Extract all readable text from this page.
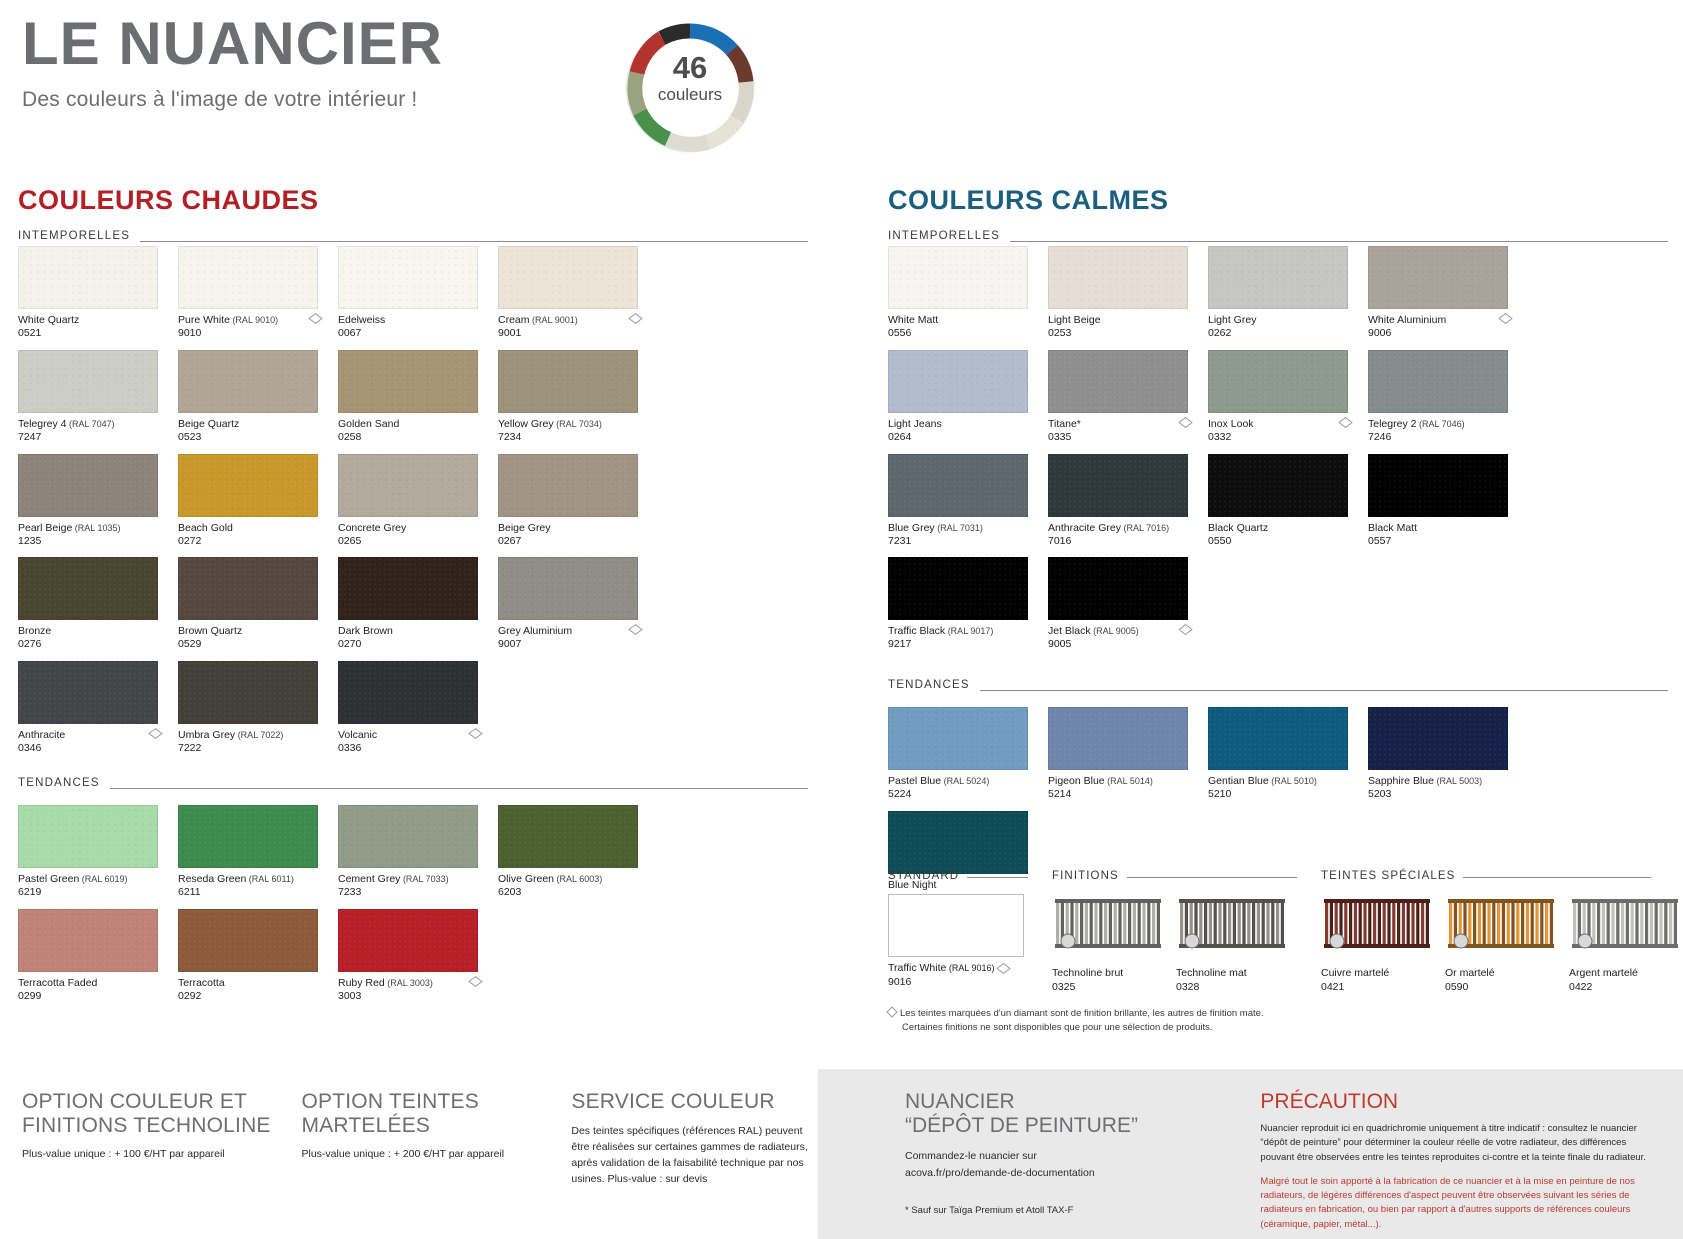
LE NUANCIER
Des couleurs à l'image de votre intérieur !
46
couleurs
COULEURS CHAUDES
INTEMPORELLES
White Quartz
0521
Pure White (RAL 9010)
9010
Edelweiss
0067
Cream (RAL 9001)
9001
Telegrey 4 (RAL 7047)
7247
Beige Quartz
0523
Golden Sand
0258
Yellow Grey (RAL 7034)
7234
Pearl Beige (RAL 1035)
1235
Beach Gold
0272
Concrete Grey
0265
Beige Grey
0267
Bronze
0276
Brown Quartz
0529
Dark Brown
0270
Grey Aluminium
9007
Anthracite
0346
Umbra Grey (RAL 7022)
7222
Volcanic
0336
TENDANCES
Pastel Green (RAL 6019)
6219
Reseda Green (RAL 6011)
6211
Cement Grey (RAL 7033)
7233
Olive Green (RAL 6003)
6203
Terracotta Faded
0299
Terracotta
0292
Ruby Red (RAL 3003)
3003
COULEURS CALMES
INTEMPORELLES
White Matt
0556
Light Beige
0253
Light Grey
0262
White Aluminium
9006
Light Jeans
0264
Titane*
0335
Inox Look
0332
Telegrey 2 (RAL 7046)
7246
Blue Grey (RAL 7031)
7231
Anthracite Grey (RAL 7016)
7016
Black Quartz
0550
Black Matt
0557
Traffic Black (RAL 9017)
9217
Jet Black (RAL 9005)
9005
TENDANCES
Pastel Blue (RAL 5024)
5224
Pigeon Blue (RAL 5014)
5214
Gentian Blue (RAL 5010)
5210
Sapphire Blue (RAL 5003)
5203
Blue Night
STANDARD
Traffic White (RAL 9016)
9016
FINITIONS
Technoline brut
0325
Technoline mat
0328
TEINTES SPÉCIALES
Cuivre martelé
0421
Or martelé
0590
Argent martelé
0422
Les teintes marquées d'un diamant sont de finition brillante, les autres de finition mate.
Certaines finitions ne sont disponibles que pour une sélection de produits.
OPTION COULEUR ET FINITIONS TECHNOLINE
Plus-value unique : + 100 €/HT par appareil
OPTION TEINTES MARTELÉES
Plus-value unique : + 200 €/HT par appareil
SERVICE COULEUR
Des teintes spécifiques (références RAL) peuvent être réalisées sur certaines gammes de radiateurs, après validation de la faisabilité technique par nos usines. Plus-value : sur devis
NUANCIER
“DÉPÔT DE PEINTURE”
Commandez-le nuancier sur
acova.fr/pro/demande-de-documentation
* Sauf sur Taïga Premium et Atoll TAX-F
PRÉCAUTION
Nuancier reproduit ici en quadrichromie uniquement à titre indicatif : consultez le nuancier “dépôt de peinture” pour déterminer la couleur réelle de votre radiateur, des différences pouvant être observées entre les teintes reproduites ci-contre et la teinte finale du radiateur.
Malgré tout le soin apporté à la fabrication de ce nuancier et à la mise en peinture de nos radiateurs, de légères différences d'aspect peuvent être observées suivant les séries de radiateurs en fabrication, ou bien par rapport à d'autres supports de références couleurs (céramique, papier, métal...).
